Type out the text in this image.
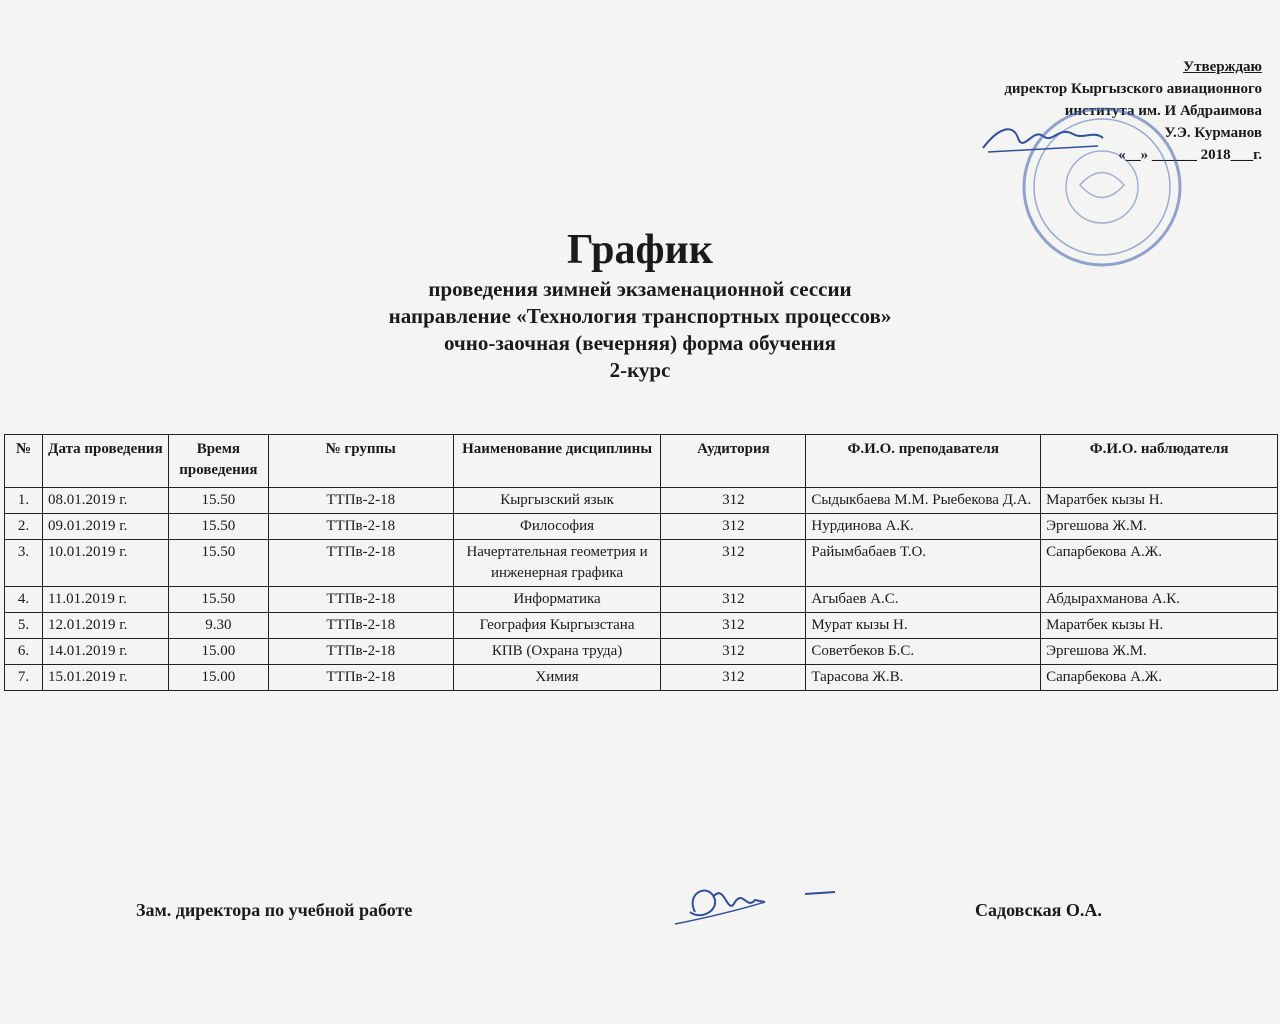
Утверждаю
директор Кыргызского авиационного
института им. И Абдраимова
У.Э. Курманов
«__» ______ 2018___г.
График
проведения зимней экзаменационной сессии
направление «Технология транспортных процессов»
очно-заочная (вечерняя) форма обучения
2-курс
№	Дата проведения	Время проведения	№ группы	Наименование дисциплины	Аудитория	Ф.И.О. преподавателя	Ф.И.О. наблюдателя
1.	08.01.2019 г.	15.50	ТТПв-2-18	Кыргызский язык	312	Сыдыкбаева М.М. Рыебекова Д.А.	Маратбек кызы Н.
2.	09.01.2019 г.	15.50	ТТПв-2-18	Философия	312	Нурдинова А.К.	Эргешова Ж.М.
3.	10.01.2019 г.	15.50	ТТПв-2-18	Начертательная геометрия и инженерная графика	312	Райымбабаев Т.О.	Сапарбекова А.Ж.
4.	11.01.2019 г.	15.50	ТТПв-2-18	Информатика	312	Агыбаев А.С.	Абдырахманова А.К.
5.	12.01.2019 г.	9.30	ТТПв-2-18	География Кыргызстана	312	Мурат кызы Н.	Маратбек кызы Н.
6.	14.01.2019 г.	15.00	ТТПв-2-18	КПВ (Охрана труда)	312	Советбеков Б.С.	Эргешова Ж.М.
7.	15.01.2019 г.	15.00	ТТПв-2-18	Химия	312	Тарасова Ж.В.	Сапарбекова А.Ж.
Зам. директора по учебной работе	Садовская О.А.
